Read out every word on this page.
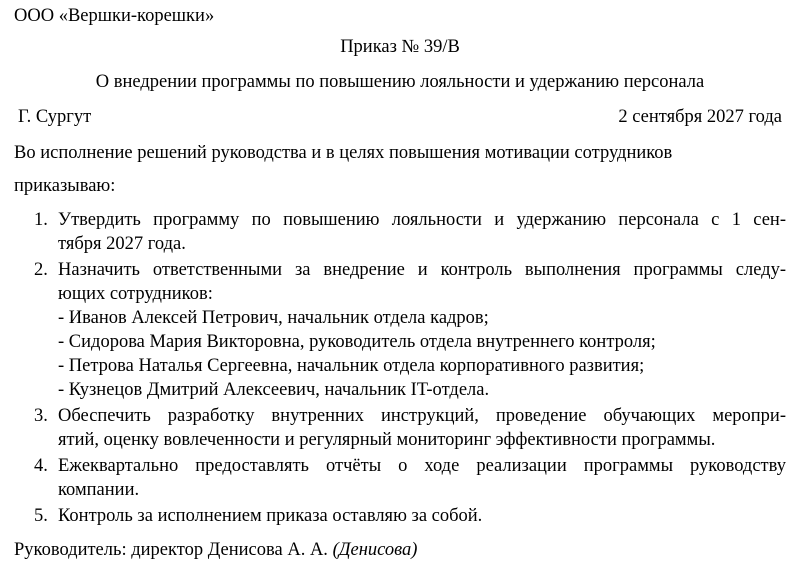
ООО «Вершки-корешки»
Приказ № 39/В
О внедрении программы по повышению лояльности и удержанию персонала
Г. Сургут	2 сентября 2027 года
Во исполнение решений руководства и в целях повышения мотивации сотрудников
приказываю:
1. Утвердить программу по повышению лояльности и удержанию персонала с 1 сен-
тября 2027 года.
2. Назначить ответственными за внедрение и контроль выполнения программы следу-
ющих сотрудников:
- Иванов Алексей Петрович, начальник отдела кадров;
- Сидорова Мария Викторовна, руководитель отдела внутреннего контроля;
- Петрова Наталья Сергеевна, начальник отдела корпоративного развития;
- Кузнецов Дмитрий Алексеевич, начальник IT-отдела.
3. Обеспечить разработку внутренних инструкций, проведение обучающих меропри-
ятий, оценку вовлеченности и регулярный мониторинг эффективности программы.
4. Ежеквартально предоставлять отчёты о ходе реализации программы руководству
компании.
5. Контроль за исполнением приказа оставляю за собой.
Руководитель: директор Денисова А. А. (Денисова)
